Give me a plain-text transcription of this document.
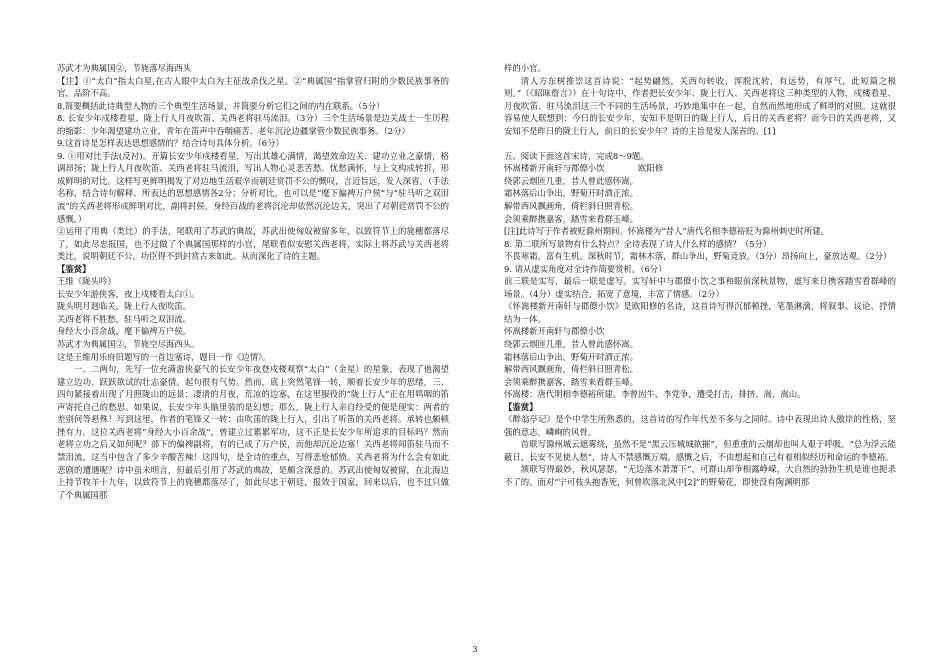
苏武才为典属国②，节旄落尽海西头

【注】①“太白”指太白星,在古人眼中太白为主征战杀伐之星。②“典属国”指掌管归附的少数民族事务的官，品阶不高。

8.简要概括此诗典型人物的三个典型生活场景，并简要分析它们之间的内在联系。（5分）

8. 长安少年戍楼看星、陇上行人月夜吹笛、关西老将驻马流泪。（3分）三个生活场景是边关战士一生历程的缩影：少年渴望建功立业、青年在笛声中吞咽痛苦、老年沉沦边疆掌管少数民族事务。（2分）

9.这首诗是怎样表达思想感情的？结合诗句具体分析。（6分）

9. ①用对比手法(反衬)。开篇长安少年戍楼看星，写出其雄心满情，渴望效命边关、建功立业之豪情，格调昂扬；陇上行人月夜吹笛、关西老将驻马流泪，写出人物心灵悲苦愁、忧愁满怀，与上文构成转折，形成鲜明的对比。这样写更鲜明揭发了对边地生活艰辛而朝廷赏罚不公的慨叹，言近旨远，发人深省。（手法名称，结合诗句解释、所表达的思想感情各2分；分析对比，也可以是“麾下偏裨万户侯”与“驻马听之双泪流”的关西老将形成鲜明对比，副将封侯，身经百战的老将沉沦却依然沉沦边关，突出了对朝廷赏罚不公的感慨。）

②运用了用典（类比）的手法，尾联用了苏武的典故，苏武出使匈奴被留多年，以致符节上的旄穗都落尽了，如此尽忠报国，也不过做了个典属国那样的小官，尾联看似安慰关西老将，实际上将苏武与关西老将类比，说明朝廷不公，功臣得不到封赏古来如此。从而深化了诗的主题。

【鉴赏】

王维《陇头吟》

长安少年游侠客，夜上戍楼看太白①。

陇头明月迥临关，陇上行人夜吹笛。

关西老将不胜愁，驻马听之双泪流。

身经大小百余战，麾下偏裨万户侯。

苏武才为典属国②，节旄空尽海西头。

这是王维用乐府旧题写的一首边塞诗，题目一作《边情》。

一、二两句，先写一位充满游侠豪气的长安少年夜登戍楼观察“太白”（金星）的星象，表现了他渴望建立边功、跃跃欲试的壮志豪情。起句很有气势。然而，底上突然笔锋一转，顺着长安少年的思绪，三、四句紧接着出现了月照陇山的远景：凄清的月夜，荒凉的边塞，在这里服役的“陇上行人”正在用鸣咽的笛声寄托自己的愁思。如果说，长安少年头脑里装的是幻想；那么，陇上行人亲自经受的便是现实：两者的差别何等悬殊！写到这里，作者的笔锋又一转：由吹笛的陇上行人，引出了听笛的关西老将。承转也颇顿挫有力。这位关西老将“身经大小百余战”，曾建立过累累军功，这不正是长安少年所追求的目标吗？然而老将立功之后又如何呢？部下的偏裨副将，有的已成了万户侯，而他却沉沦边塞！关西老将闻笛驻马而不禁泪流，这当中包含了多少辛酸苦辣！这四句，是全诗的重点，写得悲怆郁愤。关西老将为什么会有如此悲剧的遭遇呢？诗中虽未明言，但最后引用了苏武的典故，是颇含深意的。苏武出使匈奴被留，在北海边上持节牧羊十九年，以致符节上的旄穗都落尽了，如此尽忠于朝廷，报效于国家，回来以后，也不过只做了个典属国那

样的小官。

清人方东树推崇这首诗说：“起势翩然，关西句转收，浑脱沈转，有远势，有厚气，此短篇之极则。”（《昭昧詹言》）在十句诗中，作者把长安少年、陇上行人、关西老将这三种类型的人物，戍楼看星、月夜吹笛、驻马流泪这三个不同的生活场景，巧妙地集中在一起，自然而然地形成了鲜明的对照。这就很容易使人联想到：今日的长安少年，安知不是明日的陇上行人，后日的关西老将？而今日的关西老将，又安知不是昨日的陇上行人，前日的长安少年？诗的主旨是发人深省的。[1]

五、阅读下面这首宋诗，完成8～9题。

怀嵩楼新开南轩与郡僚小饮　　　　欧阳修

绕郭云烟匝几重，昔人曾此感怀嵩。

霜林落后山争出，野菊开时酒正浓。

解带西风飘画角，倚栏斜日照青松。

会须乘醉携嘉客，踏雪来看群玉峰。

[注]此诗写于作者被贬滁州期间。怀嵩楼为“昔人”唐代名相李德裕贬为滁州刺史时所建。

8. 第二联所写景物有什么特点？全诗表现了诗人什么样的感情？（5分）

不畏寒霜，富有生机。深秋时节，霜林木落，群山争出，野菊竞放。（3分）昂扬向上，豪放达观。（2分）

9. 请从虚实角度对全诗作简要赏析。（6分）

前三联是实写，最后一联是虚写。实写轩中与郡僚小饮之事和眼前深秋景物，虚写来日携客踏雪看群峰的场景。（4分）虚实结合，拓宽了意境，丰富了情感。（2分）

《怀嵩楼新开南轩与郡僚小饮》是欧阳修的名诗，这首诗写得沉郁顿挫，笔墨淋漓，将叙事、议论、抒情结为一体。

怀嵩楼新开南轩与郡僚小饮

绕郭云烟匝几重，昔人曾此感怀嵩。

霜林落后山争出，野菊开时酒正浓。

解带西风飘画角，倚栏斜日照青松。

会须乘醉携嘉客，踏雪来看群玉峰。

怀嵩楼：唐代明相李德裕所建。李曾因牛、李党争，遭受打击，排挤。嵩，嵩山。

【鉴赏】

《醉翁亭记》是个中学生所熟悉的，这首诗的写作年代差不多与之同时。诗中表现出诗人傲岸的性格，坚强的意志，嶙峋的风骨。

首联写滁州城云遮雾绕，虽然不是“黑云压城城欲摧”，但重重的云烟却也叫人艰于呼吸。“总为浮云能蔽日，长安不见使人愁”，诗人不禁感慨万端。感慨之后，不由想起和自己有着相似经历和命运的李德裕。

颔联写得最妙，秋风瑟瑟，“无边落木萧萧下”，可群山却争相露峥嵘，大自然的勃勃生机是谁也扼杀不了的。面对“宁可枝头抱香死，何曾吹落北风中[2]”的野菊花，即使没有陶渊明那

3
